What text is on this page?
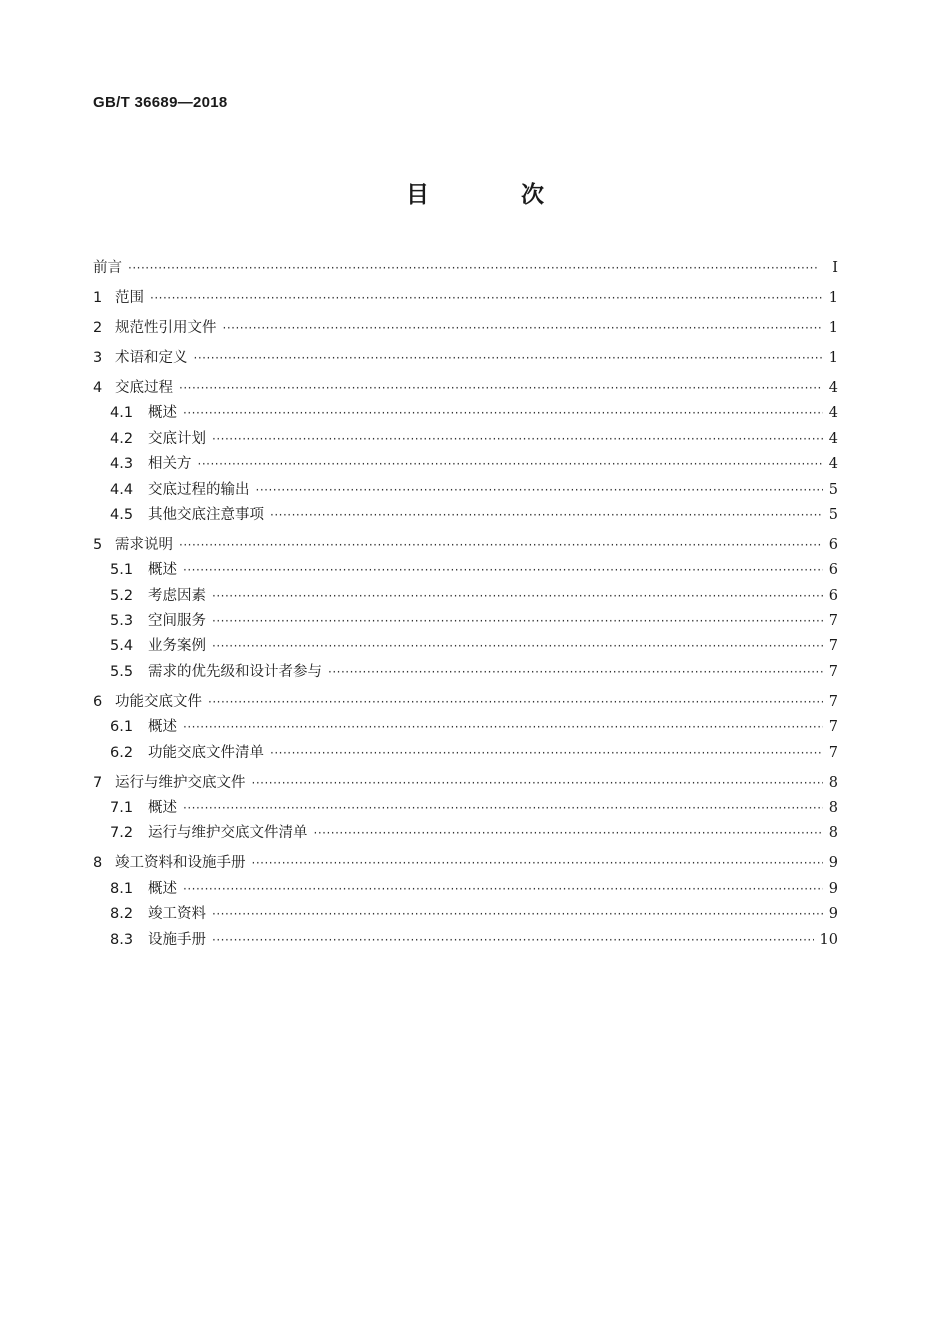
GB/T 36689—2018
目 次
前言 ·····	Ⅰ
1 范围 ·····	1
2 规范性引用文件 ·····	1
3 术语和定义 ·····	1
4 交底过程 ·····	4
4.1	概述 ·····	4
4.2	交底计划 ·····	4
4.3	相关方 ·····	4
4.4	交底过程的输出 ·····	5
4.5	其他交底注意事项 ·····	5
5 需求说明 ·····	6
5.1	概述 ·····	6
5.2	考虑因素 ·····	6
5.3	空间服务 ·····	7
5.4	业务案例 ·····	7
5.5	需求的优先级和设计者参与 ·····	7
6 功能交底文件 ·····	7
6.1	概述 ·····	7
6.2	功能交底文件清单 ·····	7
7 运行与维护交底文件 ·····	8
7.1	概述 ·····	8
7.2	运行与维护交底文件清单 ·····	8
8 竣工资料和设施手册 ·····	9
8.1	概述 ·····	9
8.2	竣工资料 ·····	9
8.3	设施手册 ·····	10
